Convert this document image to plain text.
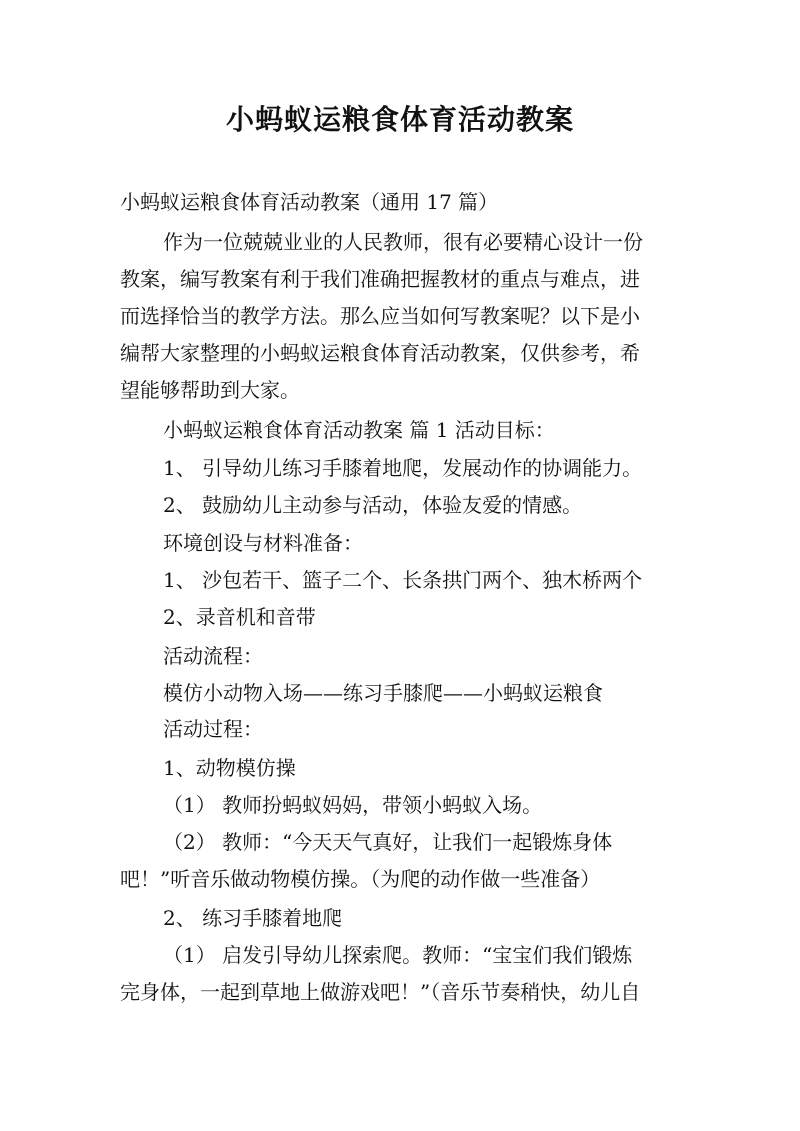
小蚂蚁运粮食体育活动教案

小蚂蚁运粮食体育活动教案（通用 17 篇）

作为一位兢兢业业的人民教师，很有必要精心设计一份

教案，编写教案有利于我们准确把握教材的重点与难点，进

而选择恰当的教学方法。那么应当如何写教案呢？以下是小

编帮大家整理的小蚂蚁运粮食体育活动教案，仅供参考，希

望能够帮助到大家。

小蚂蚁运粮食体育活动教案 篇 1 活动目标：

1、 引导幼儿练习手膝着地爬，发展动作的协调能力。

2、 鼓励幼儿主动参与活动，体验友爱的情感。

环境创设与材料准备：

1、 沙包若干、篮子二个、长条拱门两个、独木桥两个

2、录音机和音带

活动流程：

模仿小动物入场——练习手膝爬——小蚂蚁运粮食

活动过程：

1、动物模仿操

（1） 教师扮蚂蚁妈妈，带领小蚂蚁入场。

（2） 教师：“今天天气真好，让我们一起锻炼身体

吧！”听音乐做动物模仿操。（为爬的动作做一些准备）

2、 练习手膝着地爬

（1） 启发引导幼儿探索爬。教师：“宝宝们我们锻炼

完身体，一起到草地上做游戏吧！”（音乐节奏稍快，幼儿自
